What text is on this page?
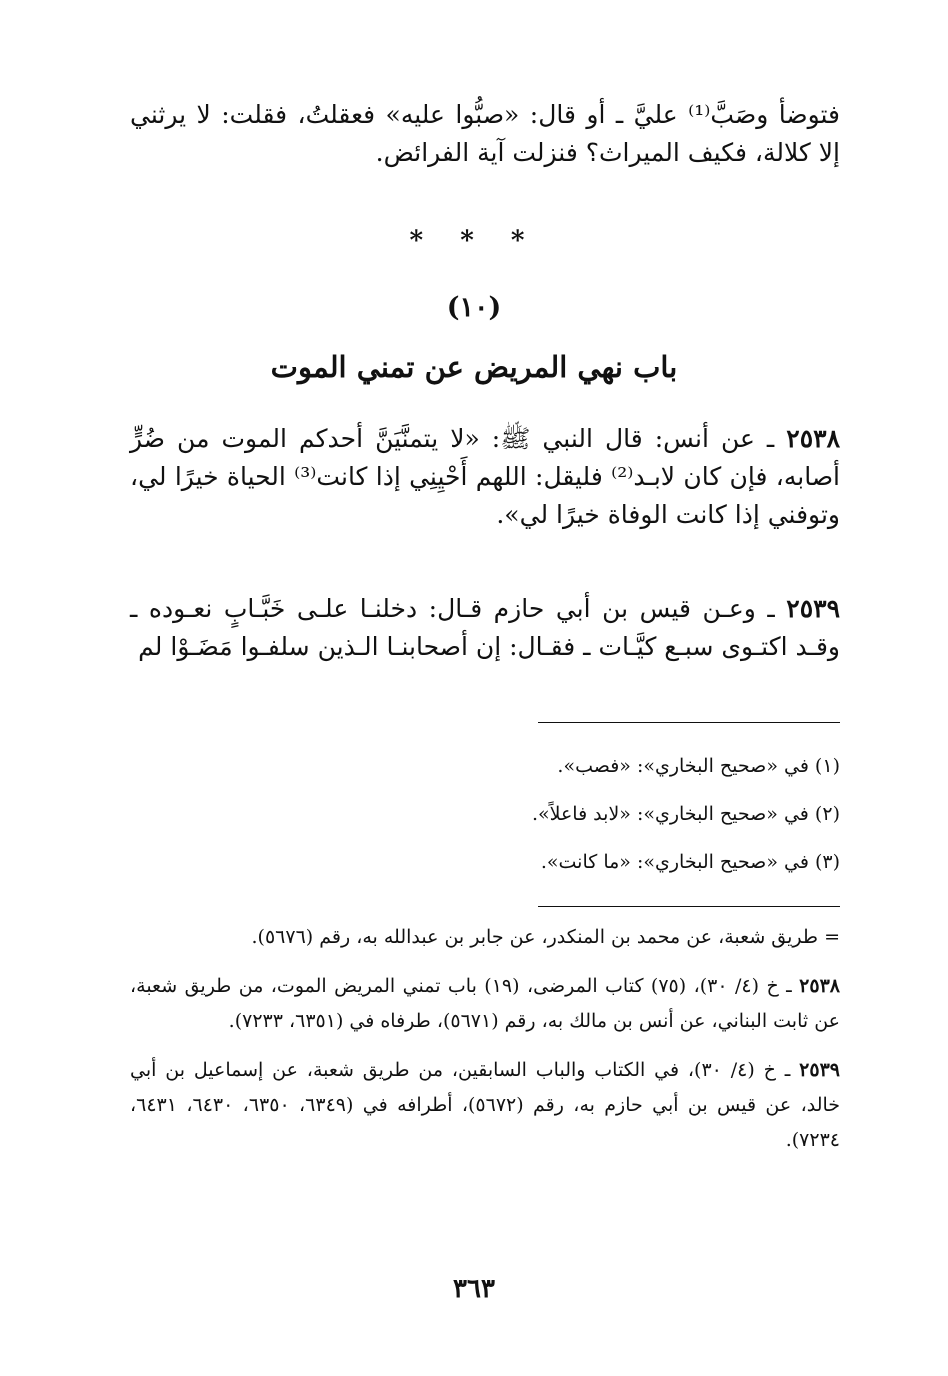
فتوضأ وصَبَّ⁽¹⁾ عليَّ ـ أو قال: «صبُّوا عليه» فعقلتُ، فقلت: لا يرثني إلا كلالة، فكيف الميراث؟ فنزلت آية الفرائض.
* * *
(١٠)
باب نهي المريض عن تمني الموت
٢٥٣٨ ـ عن أنس: قال النبي ﷺ: «لا يتمنَّيَنَّ أحدكم الموت من ضُرٍّ أصابه، فإن كان لابـد⁽²⁾ فليقل: اللهم أَحْيِنِي إذا كانت⁽³⁾ الحياة خيرًا لي، وتوفني إذا كانت الوفاة خيرًا لي».
٢٥٣٩ ـ وعـن قيس بن أبي حازم قـال: دخلنـا علـى خَبَّـابٍ نعـوده ـ وقـد اكتـوى سبـع كيَّـات ـ فقـال: إن أصحابنـا الـذين سلفـوا مَضَـوْا لم
(١) في «صحيح البخاري»: «فصب».
(٢) في «صحيح البخاري»: «لابد فاعلاً».
(٣) في «صحيح البخاري»: «ما كانت».
= طريق شعبة، عن محمد بن المنكدر، عن جابر بن عبدالله به، رقم (٥٦٧٦).
٢٥٣٨ ـ خ (٤/ ٣٠)، (٧٥) كتاب المرضى، (١٩) باب تمني المريض الموت، من طريق شعبة، عن ثابت البناني، عن أنس بن مالك به، رقم (٥٦٧١)، طرفاه في (٦٣٥١، ٧٢٣٣).
٢٥٣٩ ـ خ (٤/ ٣٠)، في الكتاب والباب السابقين، من طريق شعبة، عن إسماعيل بن أبي خالد، عن قيس بن أبي حازم به، رقم (٥٦٧٢)، أطرافه في (٦٣٤٩، ٦٣٥٠، ٦٤٣٠، ٦٤٣١، ٧٢٣٤).
٣٦٣
